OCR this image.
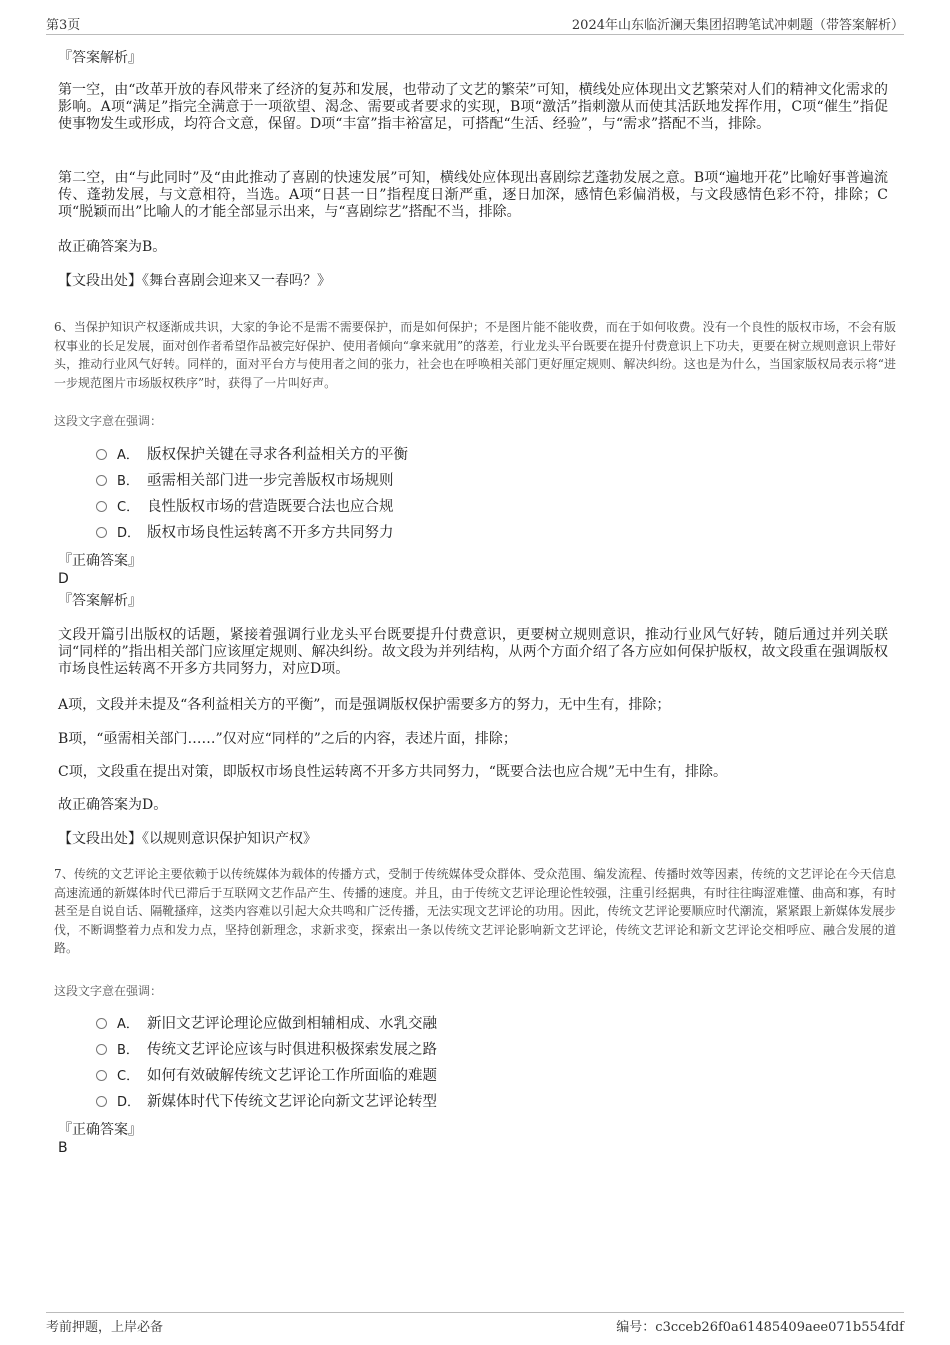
第3页	2024年山东临沂澜天集团招聘笔试冲刺题（带答案解析）
『答案解析』

第一空，由“改革开放的春风带来了经济的复苏和发展，也带动了文艺的繁荣”可知，横线处应体现出文艺繁荣对人们的精神文化需求的影响。A项“满足”指完全满意于一项欲望、渴念、需要或者要求的实现，B项“激活”指刺激从而使其活跃地发挥作用，C项“催生”指促使事物发生或形成，均符合文意，保留。D项“丰富”指丰裕富足，可搭配“生活、经验”，与“需求”搭配不当，排除。

第二空，由“与此同时”及“由此推动了喜剧的快速发展”可知，横线处应体现出喜剧综艺蓬勃发展之意。B项“遍地开花”比喻好事普遍流传、蓬勃发展，与文意相符，当选。A项“日甚一日”指程度日渐严重，逐日加深，感情色彩偏消极，与文段感情色彩不符，排除；C项“脱颖而出”比喻人的才能全部显示出来，与“喜剧综艺”搭配不当，排除。

故正确答案为B。
【文段出处】《舞台喜剧会迎来又一春吗？》

6、当保护知识产权逐渐成共识，大家的争论不是需不需要保护，而是如何保护；不是图片能不能收费，而在于如何收费。没有一个良性的版权市场，不会有版权事业的长足发展，面对创作者希望作品被完好保护、使用者倾向“拿来就用”的落差，行业龙头平台既要在提升付费意识上下功夫，更要在树立规则意识上带好头，推动行业风气好转。同样的，面对平台方与使用者之间的张力，社会也在呼唤相关部门更好厘定规则、解决纠纷。这也是为什么，当国家版权局表示将“进一步规范图片市场版权秩序”时，获得了一片叫好声。

这段文字意在强调：
A． 版权保护关键在寻求各利益相关方的平衡
B． 亟需相关部门进一步完善版权市场规则
C． 良性版权市场的营造既要合法也应合规
D． 版权市场良性运转离不开多方共同努力
『正确答案』
D
『答案解析』

文段开篇引出版权的话题，紧接着强调行业龙头平台既要提升付费意识，更要树立规则意识，推动行业风气好转，随后通过并列关联词“同样的”指出相关部门应该厘定规则、解决纠纷。故文段为并列结构，从两个方面介绍了各方应如何保护版权，故文段重在强调版权市场良性运转离不开多方共同努力，对应D项。

A项，文段并未提及“各利益相关方的平衡”，而是强调版权保护需要多方的努力，无中生有，排除；
B项，“亟需相关部门……”仅对应“同样的”之后的内容，表述片面，排除；
C项，文段重在提出对策，即版权市场良性运转离不开多方共同努力，“既要合法也应合规”无中生有，排除。
故正确答案为D。
【文段出处】《以规则意识保护知识产权》

7、传统的文艺评论主要依赖于以传统媒体为载体的传播方式，受制于传统媒体受众群体、受众范围、编发流程、传播时效等因素，传统的文艺评论在今天信息高速流通的新媒体时代已滞后于互联网文艺作品产生、传播的速度。并且，由于传统文艺评论理论性较强，注重引经据典，有时往往晦涩难懂、曲高和寡，有时甚至是自说自话、隔靴搔痒，这类内容难以引起大众共鸣和广泛传播，无法实现文艺评论的功用。因此，传统文艺评论要顺应时代潮流，紧紧跟上新媒体发展步伐，不断调整着力点和发力点，坚持创新理念，求新求变，探索出一条以传统文艺评论影响新文艺评论，传统文艺评论和新文艺评论交相呼应、融合发展的道路。

这段文字意在强调：
A． 新旧文艺评论理论应做到相辅相成、水乳交融
B． 传统文艺评论应该与时俱进积极探索发展之路
C． 如何有效破解传统文艺评论工作所面临的难题
D． 新媒体时代下传统文艺评论向新文艺评论转型
『正确答案』
B
考前押题，上岸必备	编号：c3cceb26f0a61485409aee071b554fdf
